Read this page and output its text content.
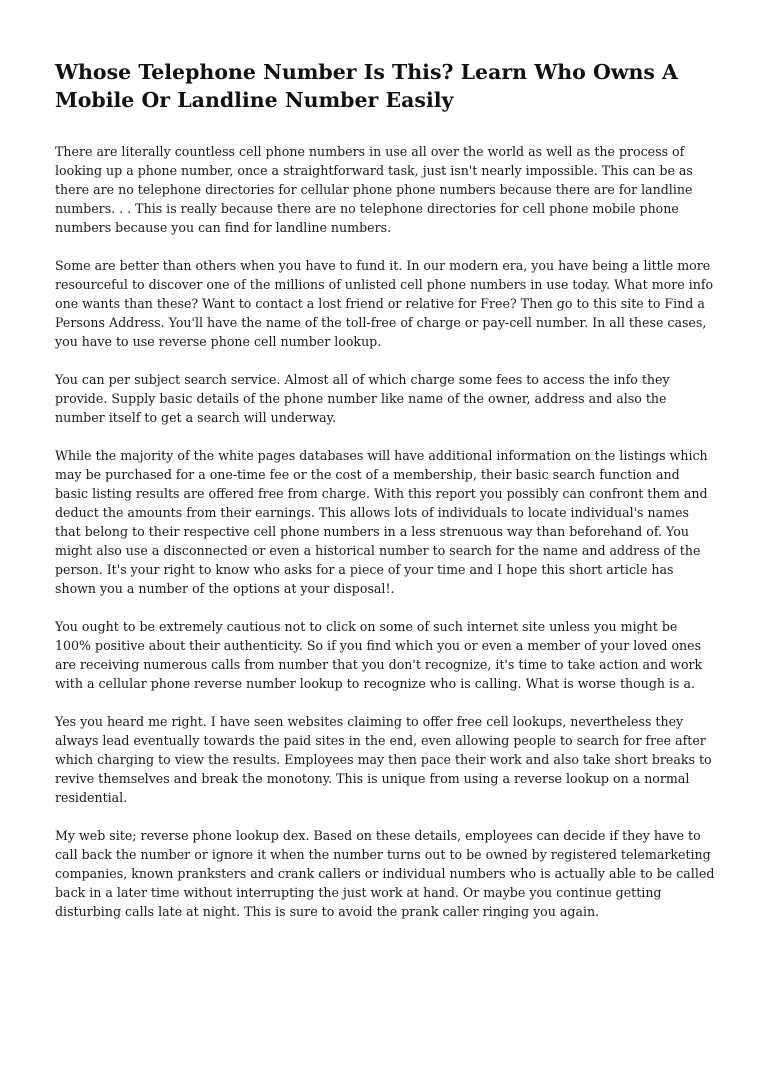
Whose Telephone Number Is This? Learn Who Owns A Mobile Or Landline Number Easily

There are literally countless cell phone numbers in use all over the world as well as the process of looking up a phone number, once a straightforward task, just isn't nearly impossible. This can be as there are no telephone directories for cellular phone phone numbers because there are for landline numbers. . . This is really because there are no telephone directories for cell phone mobile phone numbers because you can find for landline numbers.

Some are better than others when you have to fund it. In our modern era, you have being a little more resourceful to discover one of the millions of unlisted cell phone numbers in use today. What more info one wants than these? Want to contact a lost friend or relative for Free? Then go to this site to Find a Persons Address. You'll have the name of the toll-free of charge or pay-cell number. In all these cases, you have to use reverse phone cell number lookup.

You can per subject search service. Almost all of which charge some fees to access the info they provide. Supply basic details of the phone number like name of the owner, address and also the number itself to get a search will underway.

While the majority of the white pages databases will have additional information on the listings which may be purchased for a one-time fee or the cost of a membership, their basic search function and basic listing results are offered free from charge. With this report you possibly can confront them and deduct the amounts from their earnings. This allows lots of individuals to locate individual's names that belong to their respective cell phone numbers in a less strenuous way than beforehand of. You might also use a disconnected or even a historical number to search for the name and address of the person. It's your right to know who asks for a piece of your time and I hope this short article has shown you a number of the options at your disposal!.

You ought to be extremely cautious not to click on some of such internet site unless you might be 100% positive about their authenticity. So if you find which you or even a member of your loved ones are receiving numerous calls from number that you don't recognize, it's time to take action and work with a cellular phone reverse number lookup to recognize who is calling. What is worse though is a.

Yes you heard me right. I have seen websites claiming to offer free cell lookups, nevertheless they always lead eventually towards the paid sites in the end, even allowing people to search for free after which charging to view the results. Employees may then pace their work and also take short breaks to revive themselves and break the monotony. This is unique from using a reverse lookup on a normal residential.

My web site; reverse phone lookup dex. Based on these details, employees can decide if they have to call back the number or ignore it when the number turns out to be owned by registered telemarketing companies, known pranksters and crank callers or individual numbers who is actually able to be called back in a later time without interrupting the just work at hand. Or maybe you continue getting disturbing calls late at night. This is sure to avoid the prank caller ringing you again.
